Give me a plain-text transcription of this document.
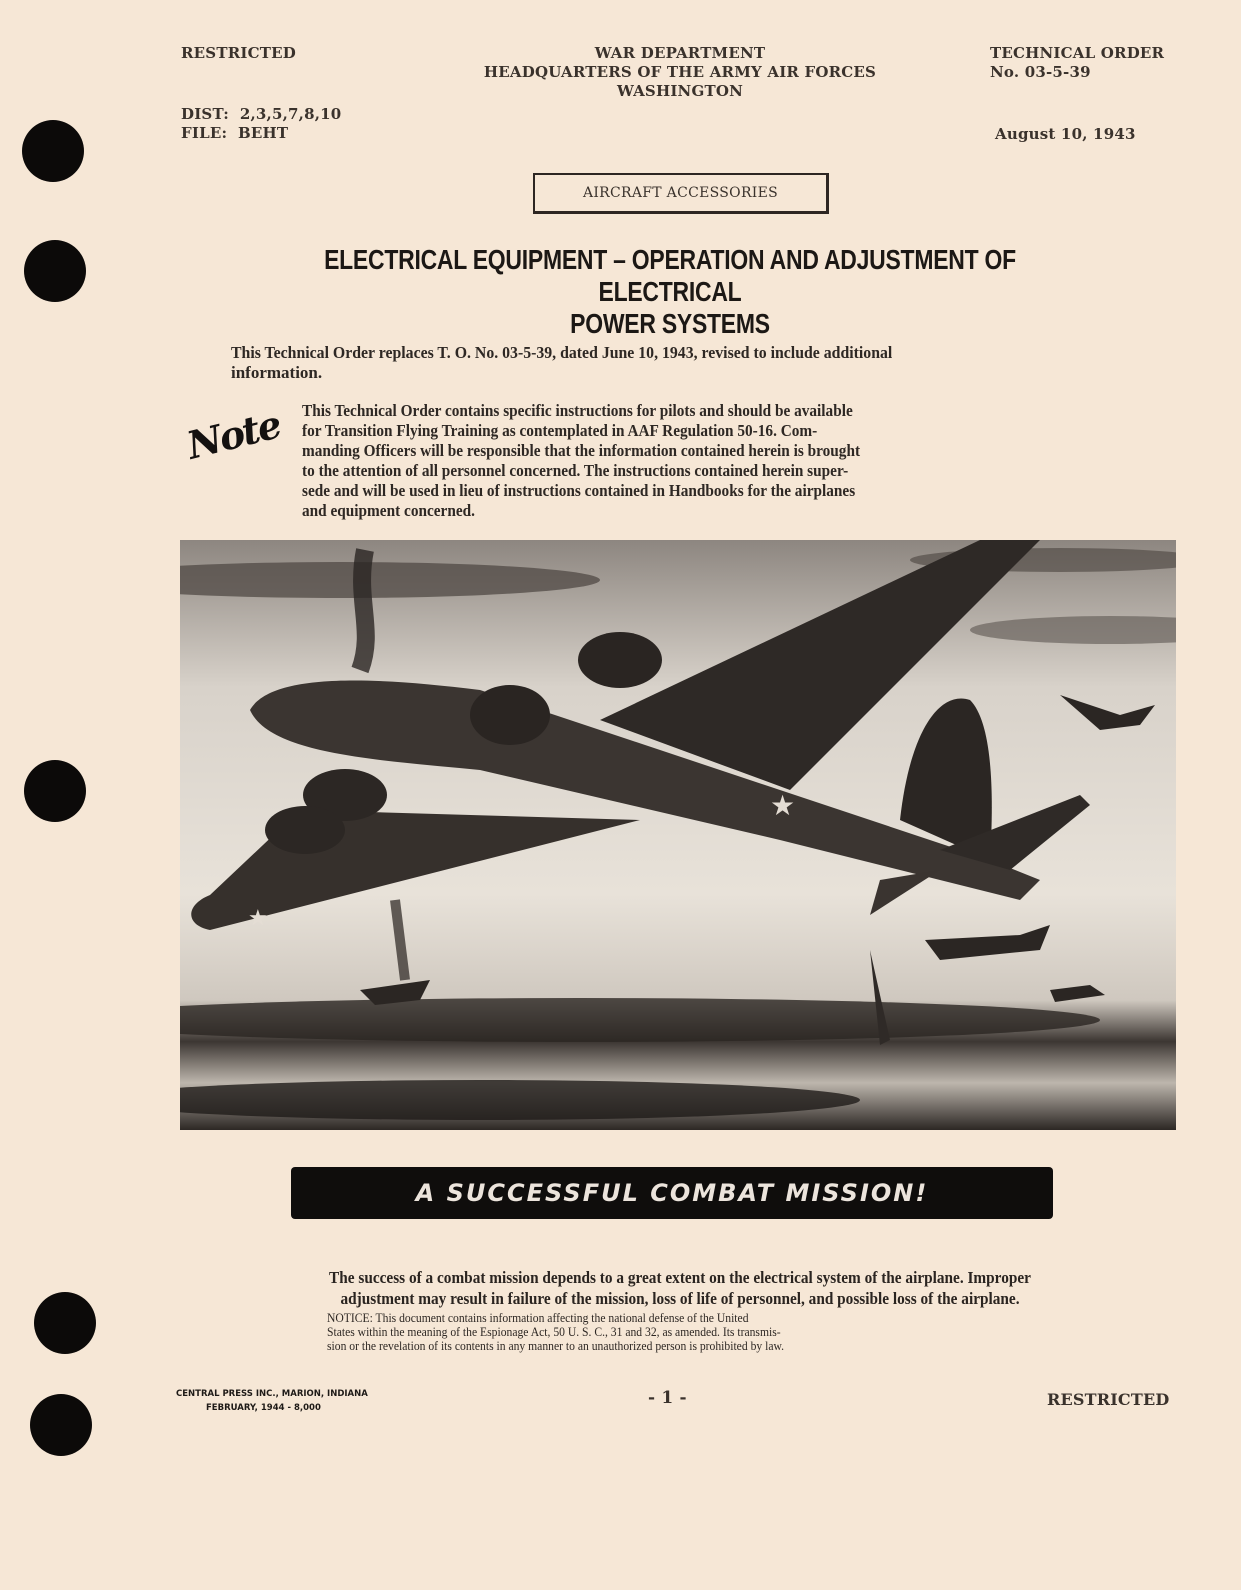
RESTRICTED	WAR DEPARTMENT
HEADQUARTERS OF THE ARMY AIR FORCES
WASHINGTON
TECHNICAL ORDER
No. 03-5-39
DIST:  2,3,5,7,8,10
FILE:  BEHT	August 10, 1943
AIRCRAFT ACCESSORIES
ELECTRICAL EQUIPMENT – OPERATION AND ADJUSTMENT OF ELECTRICAL
POWER SYSTEMS
This Technical Order replaces T. O. No. 03-5-39, dated June 10, 1943, revised to include additional
information.
Note	This Technical Order contains specific instructions for pilots and should be available
for Transition Flying Training as contemplated in AAF Regulation 50-16. Com-
manding Officers will be responsible that the information contained herein is brought
to the attention of all personnel concerned. The instructions contained herein super-
sede and will be used in lieu of instructions contained in Handbooks for the airplanes
and equipment concerned.
★
★
A SUCCESSFUL COMBAT MISSION!
The success of a combat mission depends to a great extent on the electrical system of the airplane. Improper
adjustment may result in failure of the mission, loss of life of personnel, and possible loss of the airplane.
NOTICE: This document contains information affecting the national defense of the United
States within the meaning of the Espionage Act, 50 U. S. C., 31 and 32, as amended. Its transmis-
sion or the revelation of its contents in any manner to an unauthorized person is prohibited by law.
CENTRAL PRESS INC., MARION, INDIANA
FEBRUARY, 1944 - 8,000	- 1 -	RESTRICTED
